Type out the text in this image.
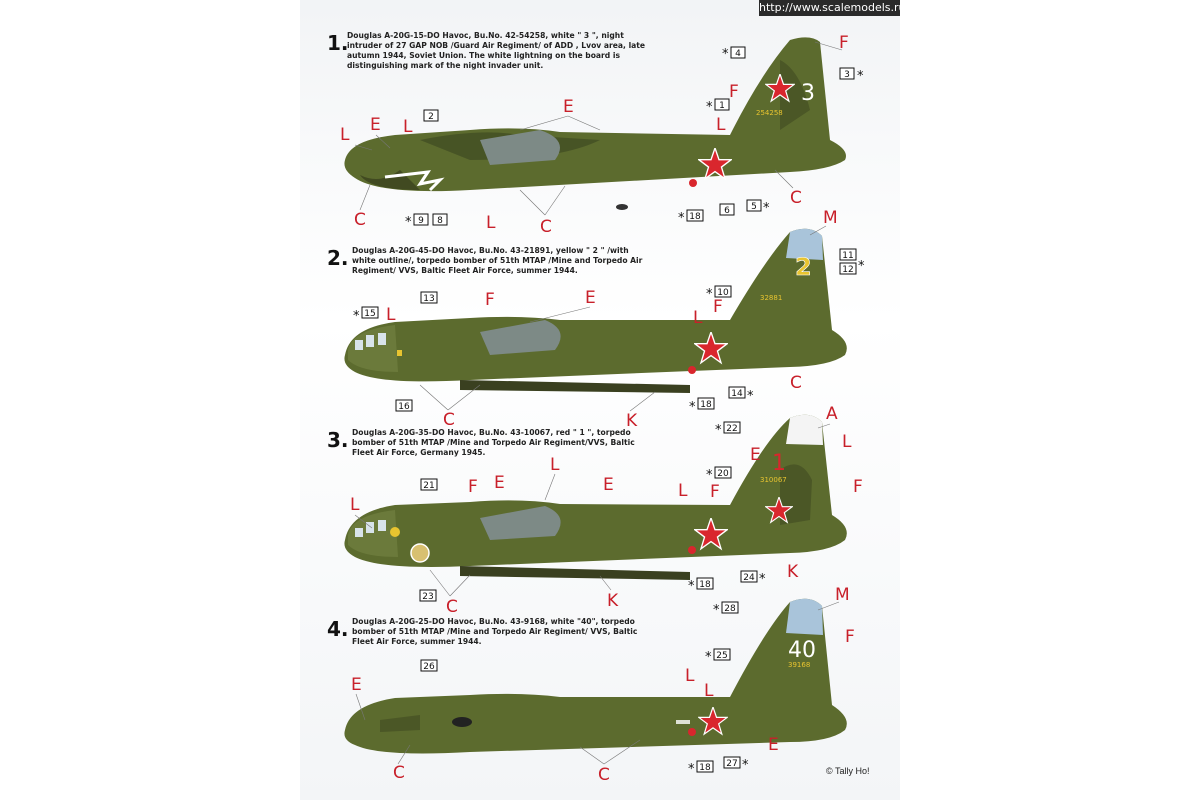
http://www.scalemodels.ru
1.
Douglas A-20G-15-DO Havoc, Bu.No. 42-54258, white " 3 ", night intruder of 27 GAP NOB /Guard Air Regiment/ of ADD , Lvov area, late autumn 1944, Soviet Union. The white lightning on the board is distinguishing mark of the night invader unit.
2. Douglas A-20G-45-DO Havoc, Bu.No. 43-21891, yellow " 2 " /with white outline/, torpedo bomber of 51th MTAP /Mine and Torpedo Air Regiment/ VVS, Baltic Fleet Air Force, summer 1944.
3. Douglas A-20G-35-DO Havoc, Bu.No. 43-10067, red " 1 ", torpedo bomber of 51th MTAP /Mine and Torpedo Air Regiment/VVS, Baltic Fleet Air Force, Germany 1945.
4. Douglas A-20G-25-DO Havoc, Bu.No. 43-9168, white "40", torpedo bomber of 51th MTAP /Mine and Torpedo Air Regiment/ VVS, Baltic Fleet Air Force, summer 1944.
© Tally Ho!
3
254258
L E L
C	L	C
E
F
F
L
C
2
* 9 8	* 18
6 5 *
* 1
* 4
3 *
2
32881
L
F	E
L
F
C
C
K
M
* 15
13
16	* 18
14 *
* 10
11
12 *
1
310067
L
F E
L
E	L F
E
A
L
F
K
K
C
21
* 22
* 20
23
* 18
24 *
40
39168
E
C	C
L
L
E
M
F
26
* 28
* 25
* 18 27 *
